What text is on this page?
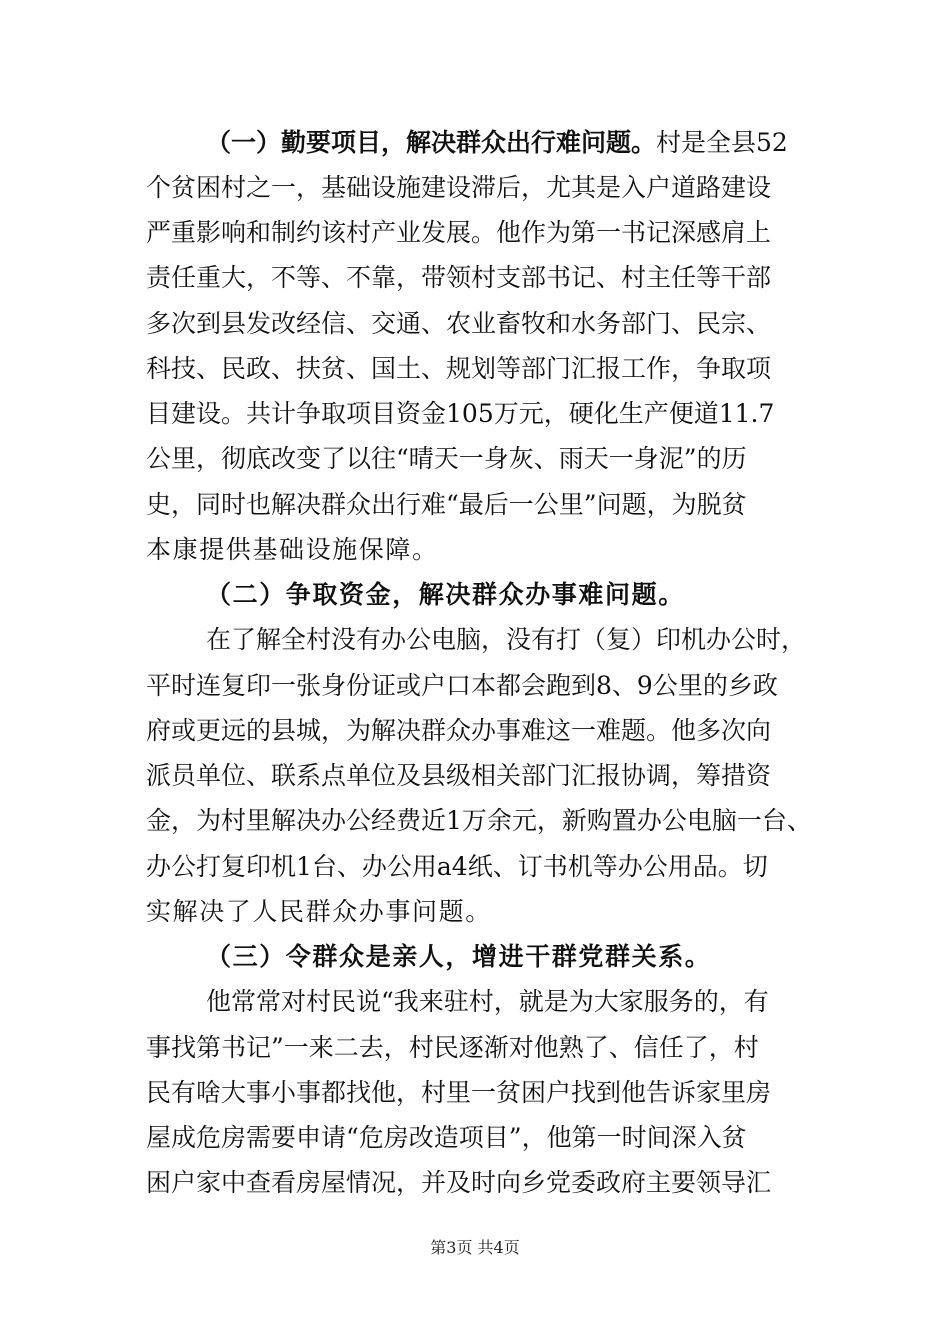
（一）勤要项目，解决群众出行难问题。村是全县52
个贫困村之一，基础设施建设滞后，尤其是入户道路建设
严重影响和制约该村产业发展。他作为第一书记深感肩上
责任重大，不等、不靠，带领村支部书记、村主任等干部
多次到县发改经信、交通、农业畜牧和水务部门、民宗、
科技、民政、扶贫、国土、规划等部门汇报工作，争取项
目建设。共计争取项目资金105万元，硬化生产便道11.7
公里，彻底改变了以往“晴天一身灰、雨天一身泥”的历
史，同时也解决群众出行难“最后一公里”问题，为脱贫
本康提供基础设施保障。
（二）争取资金，解决群众办事难问题。
在了解全村没有办公电脑，没有打（复）印机办公时，
平时连复印一张身份证或户口本都会跑到8、9公里的乡政
府或更远的县城，为解决群众办事难这一难题。他多次向
派员单位、联系点单位及县级相关部门汇报协调，筹措资
金，为村里解决办公经费近1万余元，新购置办公电脑一台、
办公打复印机1台、办公用a4纸、订书机等办公用品。切
实解决了人民群众办事问题。
（三）令群众是亲人，增进干群党群关系。
他常常对村民说“我来驻村，就是为大家服务的，有
事找第书记”一来二去，村民逐渐对他熟了、信任了，村
民有啥大事小事都找他，村里一贫困户找到他告诉家里房
屋成危房需要申请“危房改造项目”，他第一时间深入贫
困户家中查看房屋情况，并及时向乡党委政府主要领导汇
第3页 共4页
